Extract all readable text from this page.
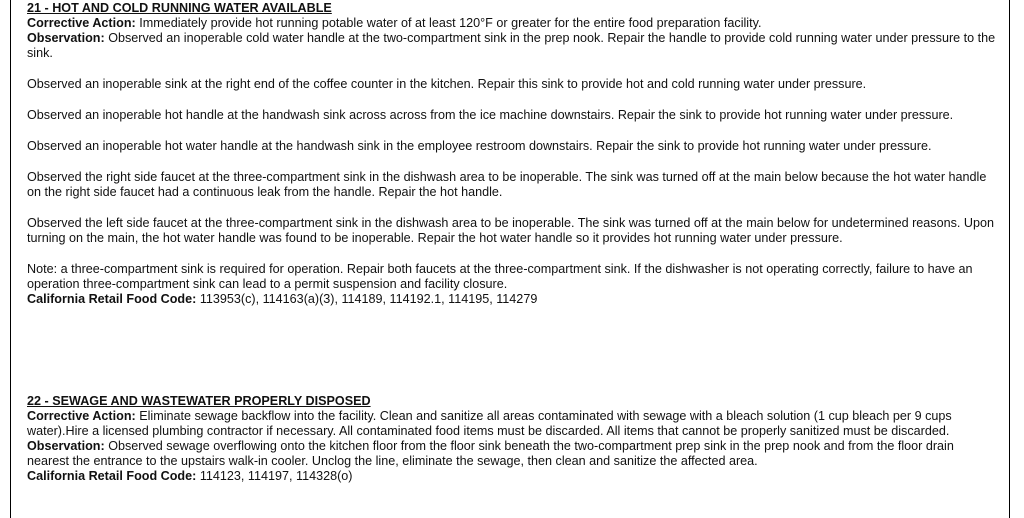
21 - HOT AND COLD RUNNING WATER AVAILABLE

Corrective Action: Immediately provide hot running potable water of at least 120°F or greater for the entire food preparation facility.

Observation: Observed an inoperable cold water handle at the two-compartment sink in the prep nook. Repair the handle to provide cold running water under pressure to the sink.

Observed an inoperable sink at the right end of the coffee counter in the kitchen. Repair this sink to provide hot and cold running water under pressure.

Observed an inoperable hot handle at the handwash sink across across from the ice machine downstairs. Repair the sink to provide hot running water under pressure.

Observed an inoperable hot water handle at the handwash sink in the employee restroom downstairs. Repair the sink to provide hot running water under pressure.

Observed the right side faucet at the three-compartment sink in the dishwash area to be inoperable. The sink was turned off at the main below because the hot water handle on the right side faucet had a continuous leak from the handle. Repair the hot handle.

Observed the left side faucet at the three-compartment sink in the dishwash area to be inoperable. The sink was turned off at the main below for undetermined reasons. Upon turning on the main, the hot water handle was found to be inoperable. Repair the hot water handle so it provides hot running water under pressure.

Note: a three-compartment sink is required for operation. Repair both faucets at the three-compartment sink. If the dishwasher is not operating correctly, failure to have an operation three-compartment sink can lead to a permit suspension and facility closure.

California Retail Food Code: 113953(c), 114163(a)(3), 114189, 114192.1, 114195, 114279

22 - SEWAGE AND WASTEWATER PROPERLY DISPOSED

Corrective Action: Eliminate sewage backflow into the facility. Clean and sanitize all areas contaminated with sewage with a bleach solution (1 cup bleach per 9 cups water).Hire a licensed plumbing contractor if necessary. All contaminated food items must be discarded. All items that cannot be properly sanitized must be discarded.

Observation: Observed sewage overflowing onto the kitchen floor from the floor sink beneath the two-compartment prep sink in the prep nook and from the floor drain nearest the entrance to the upstairs walk-in cooler. Unclog the line, eliminate the sewage, then clean and sanitize the affected area.

California Retail Food Code: 114123, 114197, 114328(o)
